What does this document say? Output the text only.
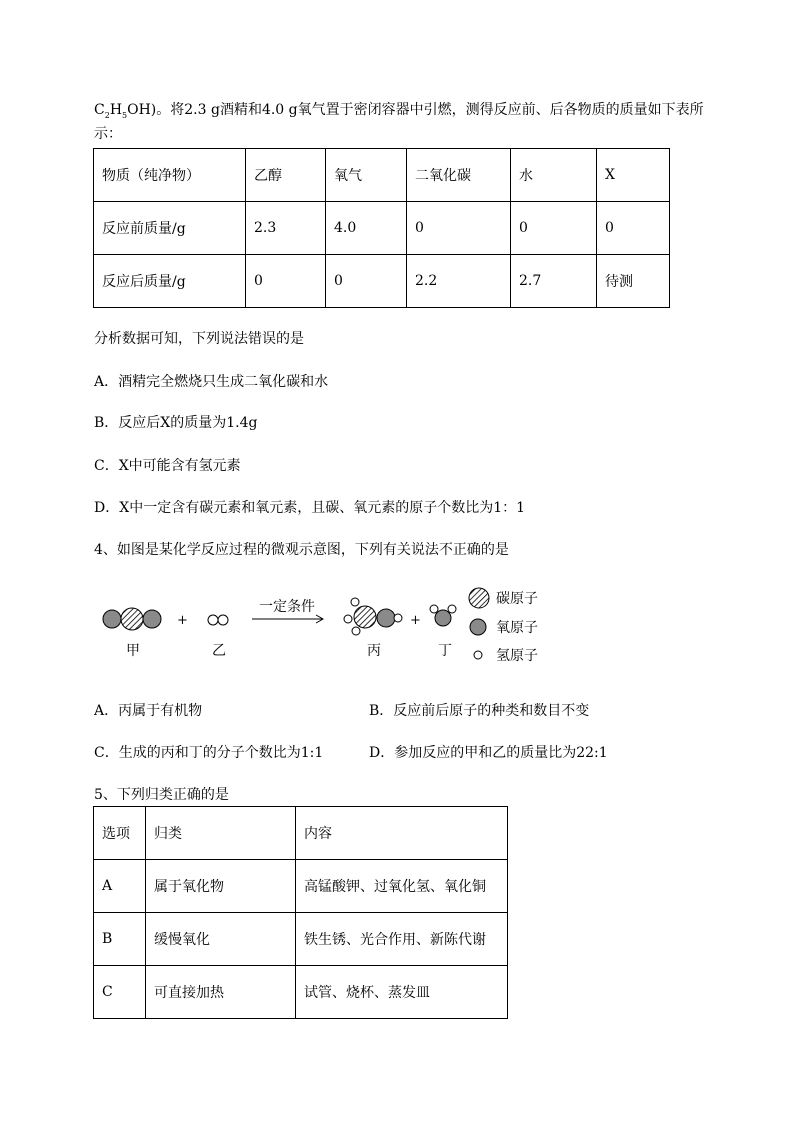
$C_2H_5OH$)。将2.3 g酒精和4.0 g氧气置于密闭容器中引燃，测得反应前、后各物质的质量如下表所
示：
物质（纯净物）	乙醇	氧气	二氧化碳	水	X
反应前质量/g	2.3	4.0	0	0	0
反应后质量/g	0	0	2.2	2.7	待测
分析数据可知，下列说法错误的是
A．酒精完全燃烧只生成二氧化碳和水
B．反应后X的质量为1.4g
C．X中可能含有氢元素
D．X中一定含有碳元素和氧元素，且碳、氧元素的原子个数比为1：1
4、如图是某化学反应过程的微观示意图，下列有关说法不正确的是
+
一定条件
+
甲	乙	丙	丁
碳原子
氧原子
氢原子
A．丙属于有机物	B．反应前后原子的种类和数目不变
C．生成的丙和丁的分子个数比为1:1	D．参加反应的甲和乙的质量比为22:1
5、下列归类正确的是
选项	归类	内容
A	属于氧化物	高锰酸钾、过氧化氢、氧化铜
B	缓慢氧化	铁生锈、光合作用、新陈代谢
C	可直接加热	试管、烧杯、蒸发皿
